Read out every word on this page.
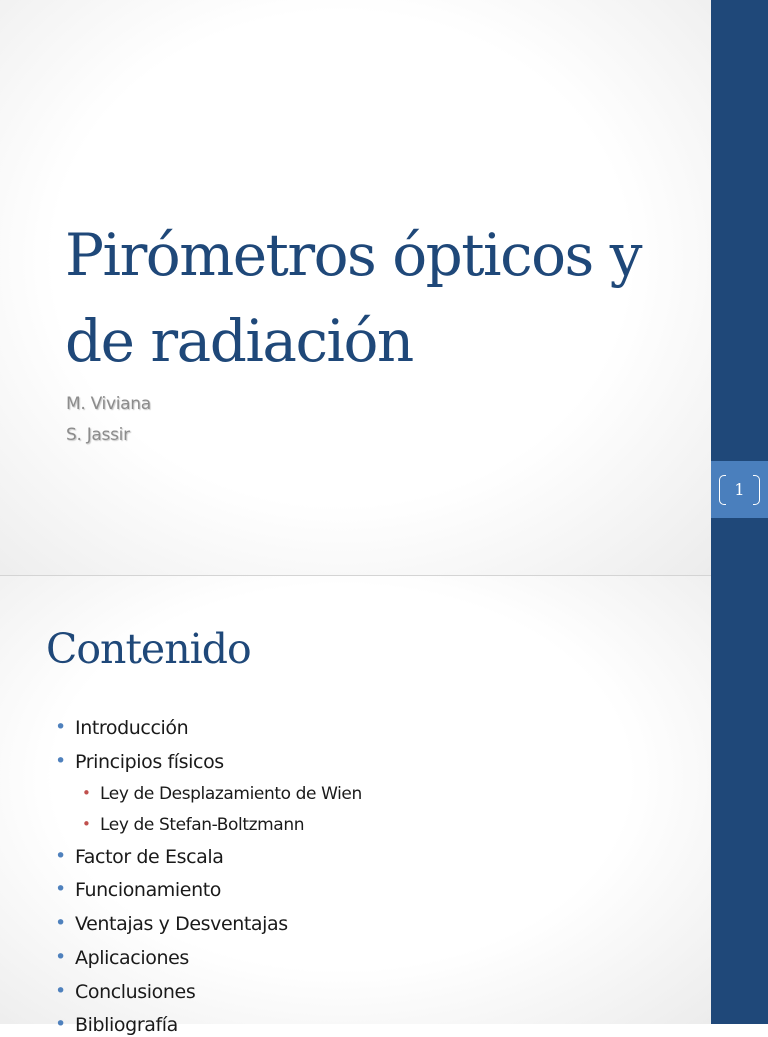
Pirómetros ópticos y
de radiación
M. Viviana
S. Jassir
Contenido
• Introducción
• Principios físicos
• Ley de Desplazamiento de Wien
• Ley de Stefan-Boltzmann
• Factor de Escala
• Funcionamiento
• Ventajas y Desventajas
• Aplicaciones
• Conclusiones
• Bibliografía
1
